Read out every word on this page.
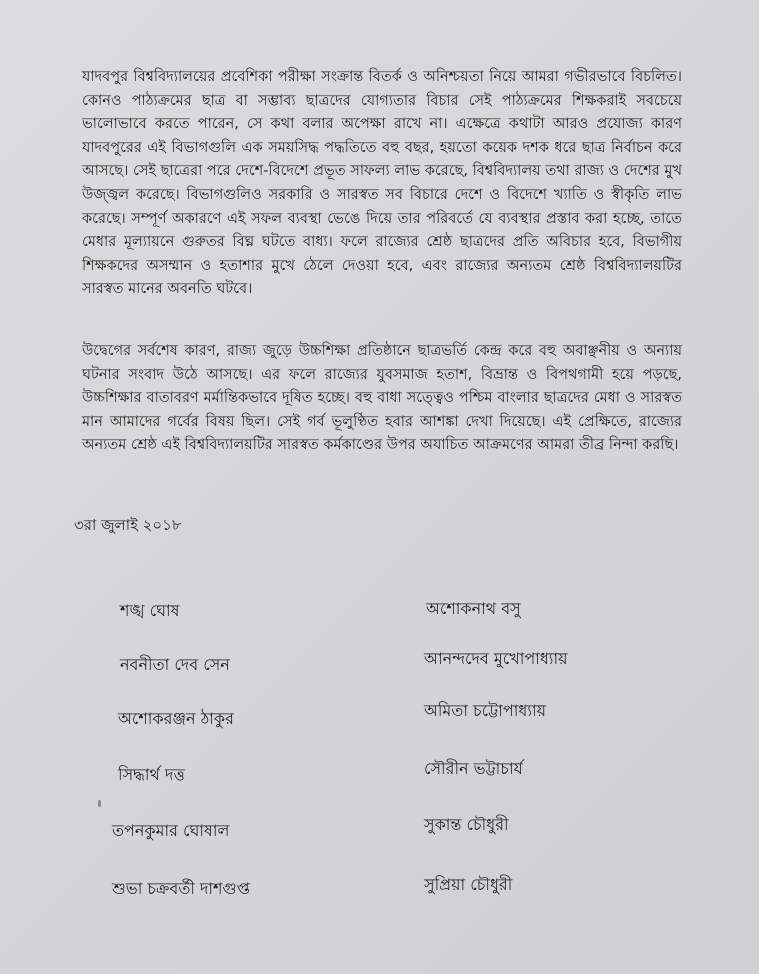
যাদবপুর বিশ্ববিদ্যালয়ের প্রবেশিকা পরীক্ষা সংক্রান্ত বিতর্ক ও অনিশ্চয়তা নিয়ে আমরা গভীরভাবে বিচলিত। কোনও পাঠ্যক্রমের ছাত্র বা সম্ভাব্য ছাত্রদের যোগ্যতার বিচার সেই পাঠ্যক্রমের শিক্ষকরাই সবচেয়ে ভালোভাবে করতে পারেন, সে কথা বলার অপেক্ষা রাখে না। এক্ষেত্রে কথাটা আরও প্রযোজ্য কারণ যাদবপুরের এই বিভাগগুলি এক সময়সিদ্ধ পদ্ধতিতে বহু বছর, হয়তো কয়েক দশক ধরে ছাত্র নির্বাচন করে আসছে। সেই ছাত্রেরা পরে দেশে-বিদেশে প্রভূত সাফল্য লাভ করেছে, বিশ্ববিদ্যালয় তথা রাজ্য ও দেশের মুখ উজ্জ্বল করেছে। বিভাগগুলিও সরকারি ও সারস্বত সব বিচারে দেশে ও বিদেশে খ্যাতি ও স্বীকৃতি লাভ করেছে। সম্পূর্ণ অকারণে এই সফল ব্যবস্থা ভেঙে দিয়ে তার পরিবর্তে যে ব্যবস্থার প্রস্তাব করা হচ্ছে, তাতে মেধার মূল্যায়নে গুরুতর বিঘ্ন ঘটতে বাধ্য। ফলে রাজ্যের শ্রেষ্ঠ ছাত্রদের প্রতি অবিচার হবে, বিভাগীয় শিক্ষকদের অসম্মান ও হতাশার মুখে ঠেলে দেওয়া হবে, এবং রাজ্যের অন্যতম শ্রেষ্ঠ বিশ্ববিদ্যালয়টির সারস্বত মানের অবনতি ঘটবে।

উদ্বেগের সর্বশেষ কারণ, রাজ্য জুড়ে উচ্চশিক্ষা প্রতিষ্ঠানে ছাত্রভর্তি কেন্দ্র করে বহু অবাঞ্ছনীয় ও অন্যায় ঘটনার সংবাদ উঠে আসছে। এর ফলে রাজ্যের যুবসমাজ হতাশ, বিভ্রান্ত ও বিপথগামী হয়ে পড়ছে, উচ্চশিক্ষার বাতাবরণ মর্মান্তিকভাবে দূষিত হচ্ছে। বহু বাধা সত্ত্বেও পশ্চিম বাংলার ছাত্রদের মেধা ও সারস্বত মান আমাদের গর্বের বিষয় ছিল। সেই গর্ব ভূলুণ্ঠিত হবার আশঙ্কা দেখা দিয়েছে। এই প্রেক্ষিতে, রাজ্যের অন্যতম শ্রেষ্ঠ এই বিশ্ববিদ্যালয়টির সারস্বত কর্মকাণ্ডের উপর অযাচিত আক্রমণের আমরা তীব্র নিন্দা করছি।

৩রা জুলাই ২০১৮
শঙ্খ ঘোষ
নবনীতা দেব সেন
অশোকরঞ্জন ঠাকুর
সিদ্ধার্থ দত্ত
তপনকুমার ঘোষাল
শুভা চক্রবর্তী দাশগুপ্ত
অশোকনাথ বসু
আনন্দদেব মুখোপাধ্যায়
অমিতা চট্টোপাধ্যায়
সৌরীন ভট্টাচার্য
সুকান্ত চৌধুরী
সুপ্রিয়া চৌধুরী
